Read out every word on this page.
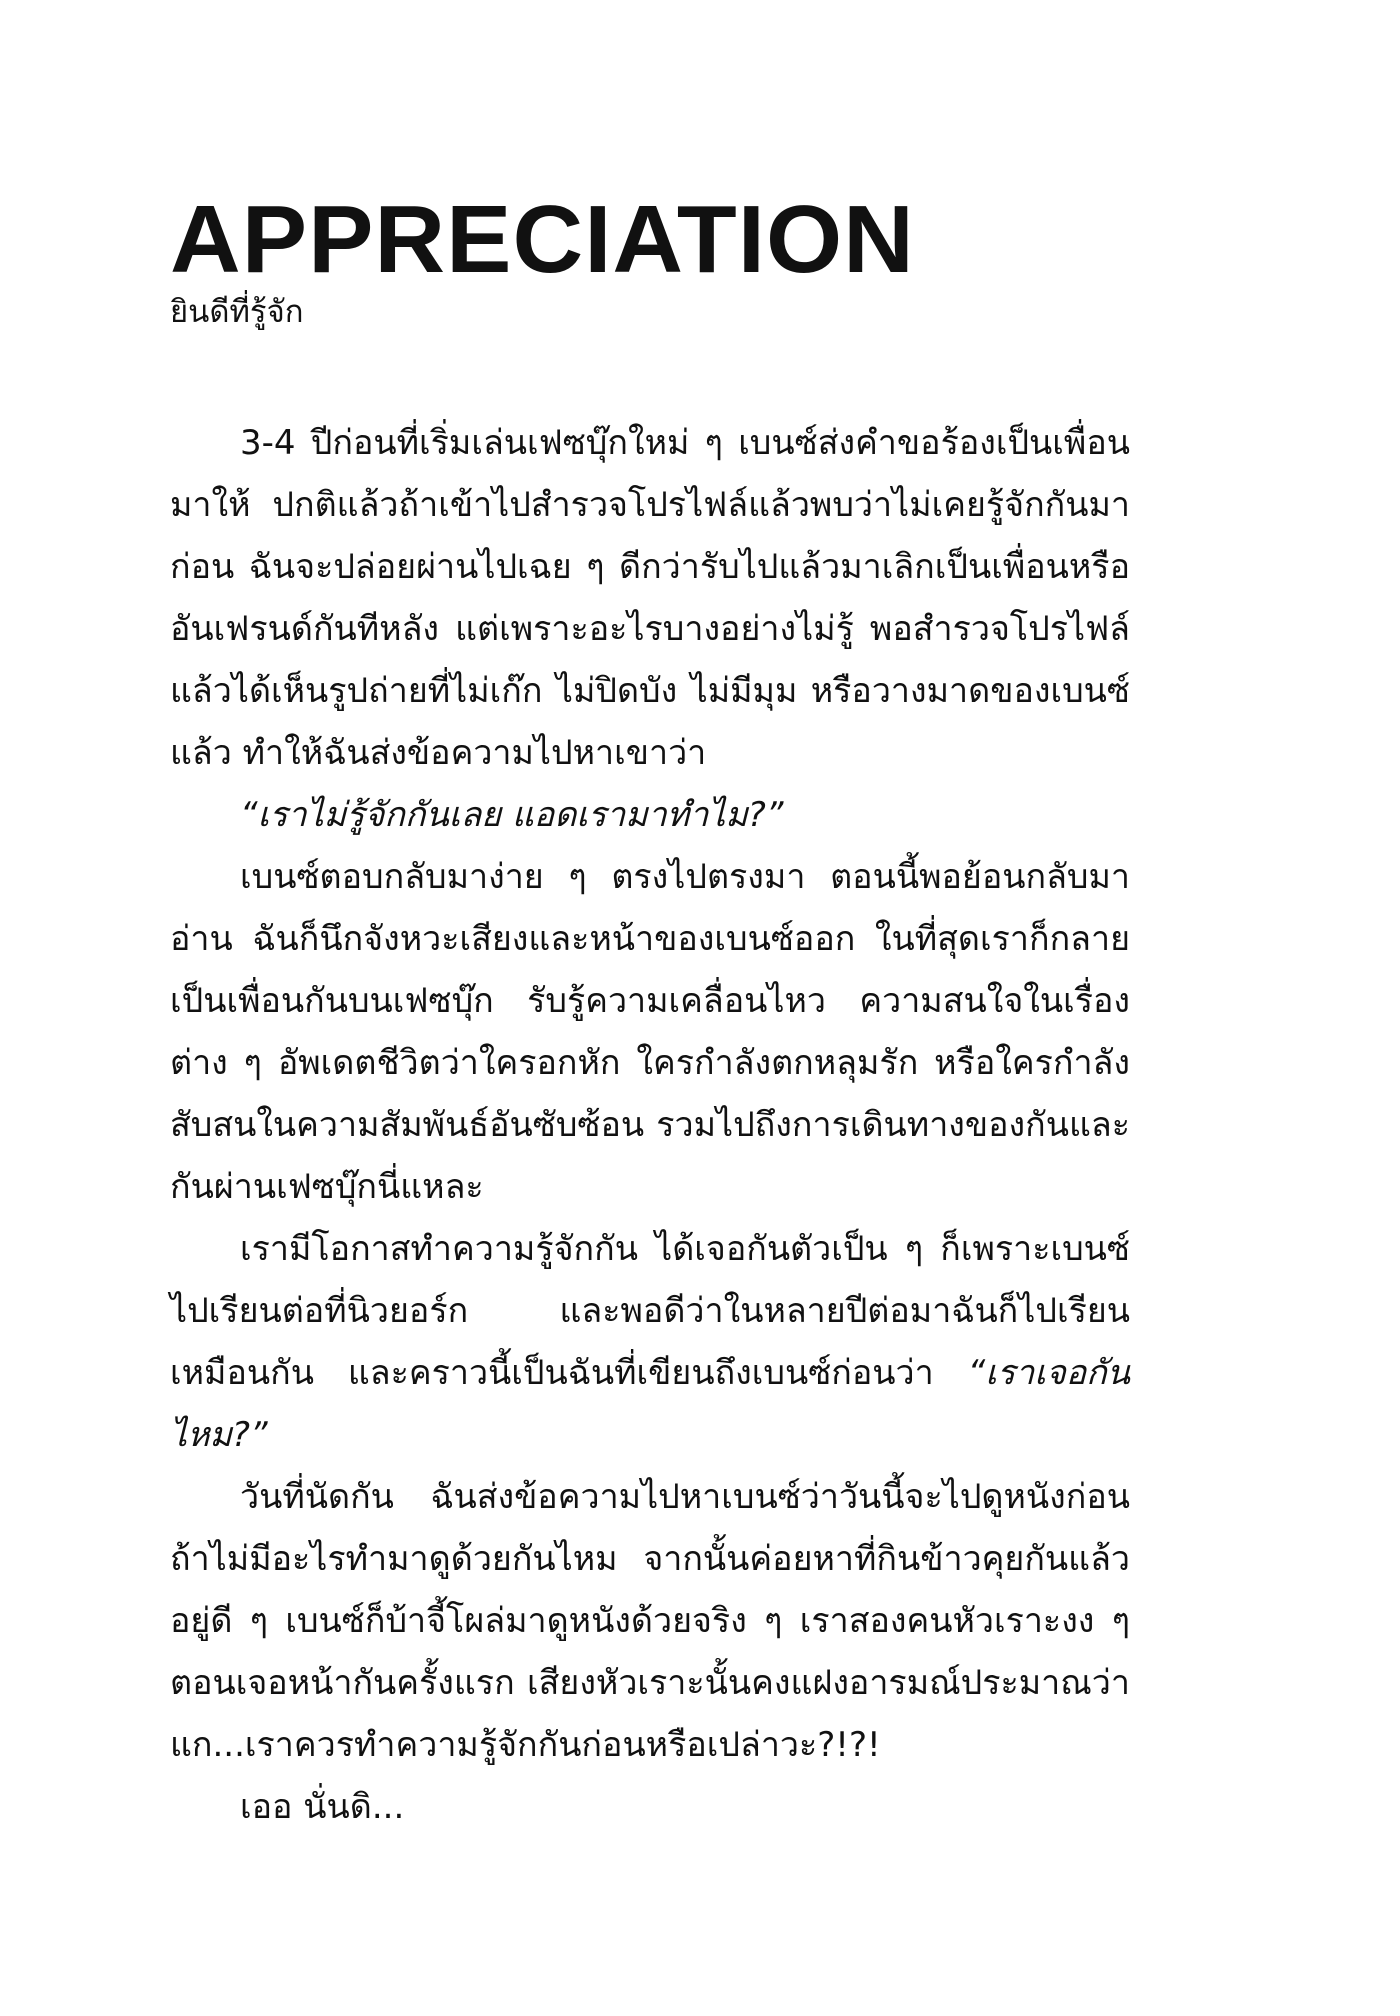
APPRECIATION
ยินดีที่รู้จัก

3-4 ปีก่อนที่เริ่มเล่นเฟซบุ๊กใหม่ ๆ เบนซ์ส่งคำขอร้องเป็นเพื่อนมาให้ ปกติแล้วถ้าเข้าไปสำรวจโปรไฟล์แล้วพบว่าไม่เคยรู้จักกันมาก่อน ฉันจะปล่อยผ่านไปเฉย ๆ ดีกว่ารับไปแล้วมาเลิกเป็นเพื่อนหรืออันเฟรนด์กันทีหลัง แต่เพราะอะไรบางอย่างไม่รู้ พอสำรวจโปรไฟล์แล้วได้เห็นรูปถ่ายที่ไม่เก๊ก ไม่ปิดบัง ไม่มีมุม หรือวางมาดของเบนซ์แล้ว ทำให้ฉันส่งข้อความไปหาเขาว่า

“เราไม่รู้จักกันเลย แอดเรามาทำไม?”

เบนซ์ตอบกลับมาง่าย ๆ ตรงไปตรงมา ตอนนี้พอย้อนกลับมาอ่าน ฉันก็นึกจังหวะเสียงและหน้าของเบนซ์ออก ในที่สุดเราก็กลายเป็นเพื่อนกันบนเฟซบุ๊ก รับรู้ความเคลื่อนไหว ความสนใจในเรื่องต่าง ๆ อัพเดตชีวิตว่าใครอกหัก ใครกำลังตกหลุมรัก หรือใครกำลังสับสนในความสัมพันธ์อันซับซ้อน รวมไปถึงการเดินทางของกันและกันผ่านเฟซบุ๊กนี่แหละ

เรามีโอกาสทำความรู้จักกัน ได้เจอกันตัวเป็น ๆ ก็เพราะเบนซ์ไปเรียนต่อที่นิวยอร์ก และพอดีว่าในหลายปีต่อมาฉันก็ไปเรียนเหมือนกัน และคราวนี้เป็นฉันที่เขียนถึงเบนซ์ก่อนว่า “เราเจอกันไหม?”

วันที่นัดกัน ฉันส่งข้อความไปหาเบนซ์ว่าวันนี้จะไปดูหนังก่อนถ้าไม่มีอะไรทำมาดูด้วยกันไหม จากนั้นค่อยหาที่กินข้าวคุยกันแล้วอยู่ดี ๆ เบนซ์ก็บ้าจี้โผล่มาดูหนังด้วยจริง ๆ เราสองคนหัวเราะงง ๆ ตอนเจอหน้ากันครั้งแรก เสียงหัวเราะนั้นคงแฝงอารมณ์ประมาณว่า แก...เราควรทำความรู้จักกันก่อนหรือเปล่าวะ?!?!

เออ นั่นดิ...
